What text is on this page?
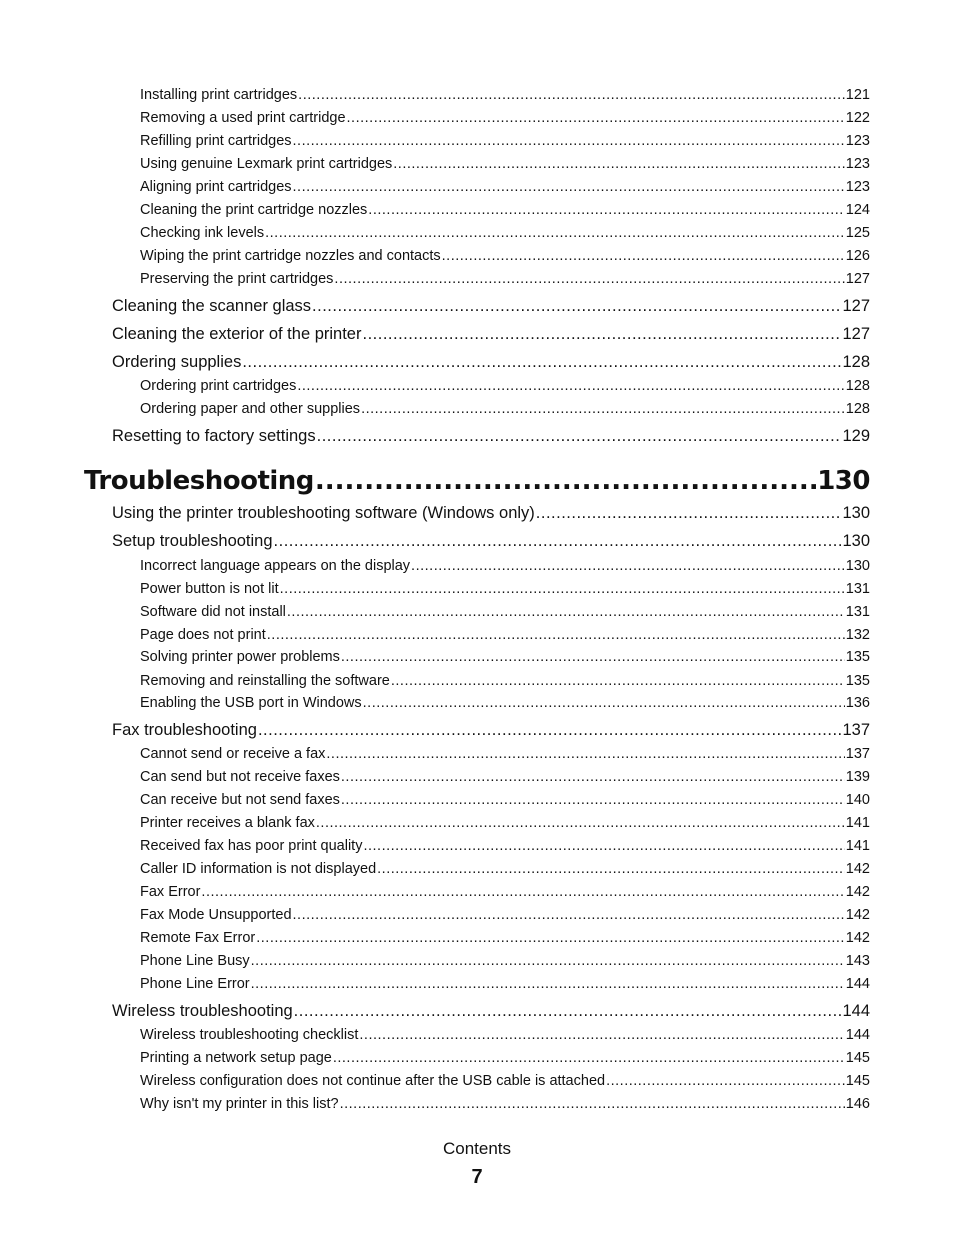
Installing print cartridges .....	121
Removing a used print cartridge .....	122
Refilling print cartridges .....	123
Using genuine Lexmark print cartridges .....	123
Aligning print cartridges .....	123
Cleaning the print cartridge nozzles .....	124
Checking ink levels .....	125
Wiping the print cartridge nozzles and contacts .....	126
Preserving the print cartridges .....	127
Cleaning the scanner glass .....	127
Cleaning the exterior of the printer .....	127
Ordering supplies .....	128
Ordering print cartridges .....	128
Ordering paper and other supplies .....	128
Resetting to factory settings .....	129
Troubleshooting .....	130
Using the printer troubleshooting software (Windows only) .....	130
Setup troubleshooting .....	130
Incorrect language appears on the display .....	130
Power button is not lit .....	131
Software did not install .....	131
Page does not print .....	132
Solving printer power problems .....	135
Removing and reinstalling the software .....	135
Enabling the USB port in Windows .....	136
Fax troubleshooting .....	137
Cannot send or receive a fax .....	137
Can send but not receive faxes .....	139
Can receive but not send faxes .....	140
Printer receives a blank fax .....	141
Received fax has poor print quality .....	141
Caller ID information is not displayed .....	142
Fax Error .....	142
Fax Mode Unsupported .....	142
Remote Fax Error .....	142
Phone Line Busy .....	143
Phone Line Error .....	144
Wireless troubleshooting .....	144
Wireless troubleshooting checklist .....	144
Printing a network setup page .....	145
Wireless configuration does not continue after the USB cable is attached .....	145
Why isn't my printer in this list? .....	146
Contents
7
